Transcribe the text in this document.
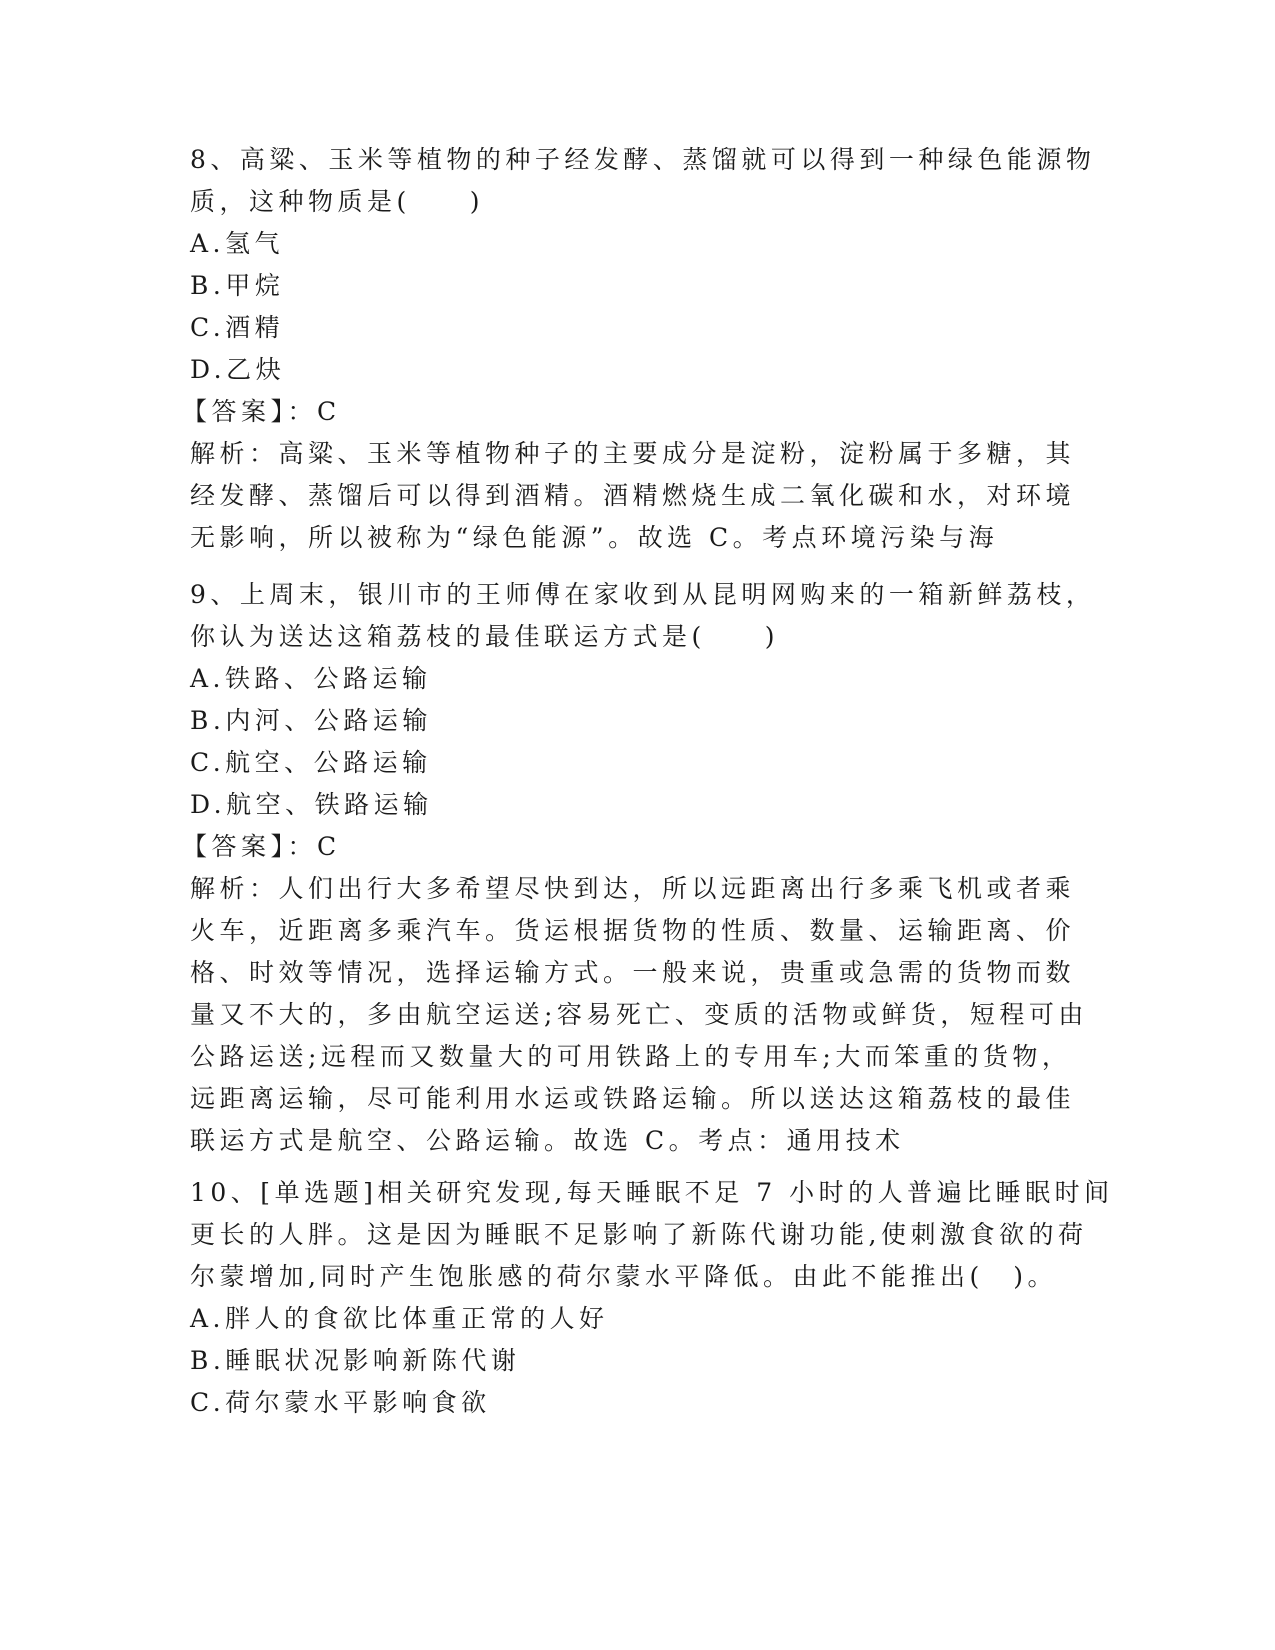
8、高粱、玉米等植物的种子经发酵、蒸馏就可以得到一种绿色能源物
质，这种物质是(　　)
A.氢气
B.甲烷
C.酒精
D.乙炔
【答案】：C
解析：高粱、玉米等植物种子的主要成分是淀粉，淀粉属于多糖，其
经发酵、蒸馏后可以得到酒精。酒精燃烧生成二氧化碳和水，对环境
无影响，所以被称为“绿色能源”。故选 C。考点环境污染与海
9、上周末，银川市的王师傅在家收到从昆明网购来的一箱新鲜荔枝，
你认为送达这箱荔枝的最佳联运方式是(　　)
A.铁路、公路运输
B.内河、公路运输
C.航空、公路运输
D.航空、铁路运输
【答案】：C
解析：人们出行大多希望尽快到达，所以远距离出行多乘飞机或者乘
火车，近距离多乘汽车。货运根据货物的性质、数量、运输距离、价
格、时效等情况，选择运输方式。一般来说，贵重或急需的货物而数
量又不大的，多由航空运送;容易死亡、变质的活物或鲜货，短程可由
公路运送;远程而又数量大的可用铁路上的专用车;大而笨重的货物，
远距离运输，尽可能利用水运或铁路运输。所以送达这箱荔枝的最佳
联运方式是航空、公路运输。故选 C。考点：通用技术
10、[单选题]相关研究发现,每天睡眠不足 7 小时的人普遍比睡眠时间
更长的人胖。这是因为睡眠不足影响了新陈代谢功能,使刺激食欲的荷
尔蒙增加,同时产生饱胀感的荷尔蒙水平降低。由此不能推出(　)。
A.胖人的食欲比体重正常的人好
B.睡眠状况影响新陈代谢
C.荷尔蒙水平影响食欲
